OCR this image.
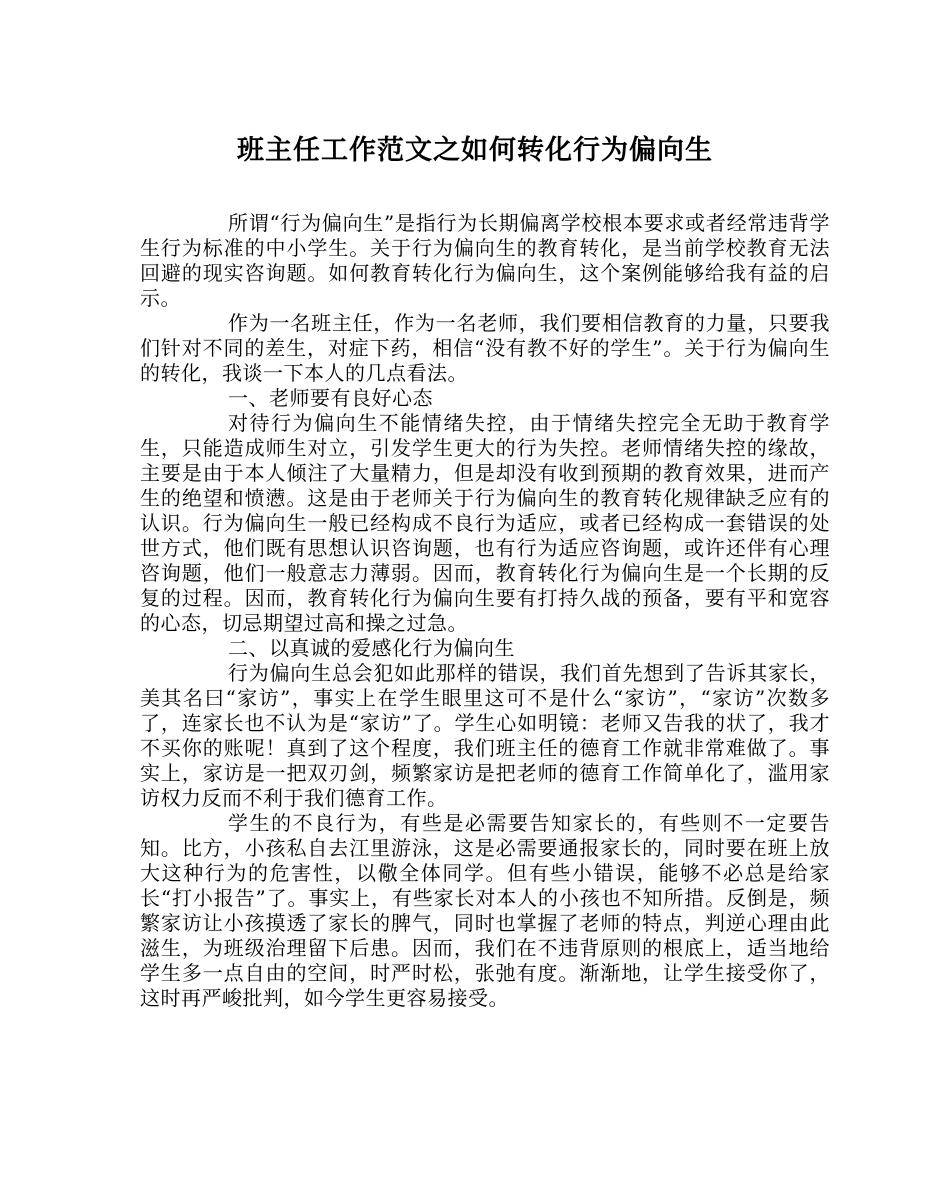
班主任工作范文之如何转化行为偏向生

所谓“行为偏向生”是指行为长期偏离学校根本要求或者经常违背学生行为标准的中小学生。关于行为偏向生的教育转化，是当前学校教育无法回避的现实咨询题。如何教育转化行为偏向生，这个案例能够给我有益的启示。

作为一名班主任，作为一名老师，我们要相信教育的力量，只要我们针对不同的差生，对症下药，相信“没有教不好的学生”。关于行为偏向生的转化，我谈一下本人的几点看法。

一、老师要有良好心态

对待行为偏向生不能情绪失控，由于情绪失控完全无助于教育学生，只能造成师生对立，引发学生更大的行为失控。老师情绪失控的缘故，主要是由于本人倾注了大量精力，但是却没有收到预期的教育效果，进而产生的绝望和愤懑。这是由于老师关于行为偏向生的教育转化规律缺乏应有的认识。行为偏向生一般已经构成不良行为适应，或者已经构成一套错误的处世方式，他们既有思想认识咨询题，也有行为适应咨询题，或许还伴有心理咨询题，他们一般意志力薄弱。因而，教育转化行为偏向生是一个长期的反复的过程。因而，教育转化行为偏向生要有打持久战的预备，要有平和宽容的心态，切忌期望过高和操之过急。

二、以真诚的爱感化行为偏向生

行为偏向生总会犯如此那样的错误，我们首先想到了告诉其家长，美其名曰“家访”，事实上在学生眼里这可不是什么“家访”，“家访”次数多了，连家长也不认为是“家访”了。学生心如明镜：老师又告我的状了，我才不买你的账呢！真到了这个程度，我们班主任的德育工作就非常难做了。事实上，家访是一把双刃剑，频繁家访是把老师的德育工作简单化了，滥用家访权力反而不利于我们德育工作。

学生的不良行为，有些是必需要告知家长的，有些则不一定要告知。比方，小孩私自去江里游泳，这是必需要通报家长的，同时要在班上放大这种行为的危害性，以儆全体同学。但有些小错误，能够不必总是给家长“打小报告”了。事实上，有些家长对本人的小孩也不知所措。反倒是，频繁家访让小孩摸透了家长的脾气，同时也掌握了老师的特点，判逆心理由此滋生，为班级治理留下后患。因而，我们在不违背原则的根底上，适当地给学生多一点自由的空间，时严时松，张弛有度。渐渐地，让学生接受你了，这时再严峻批判，如今学生更容易接受。
